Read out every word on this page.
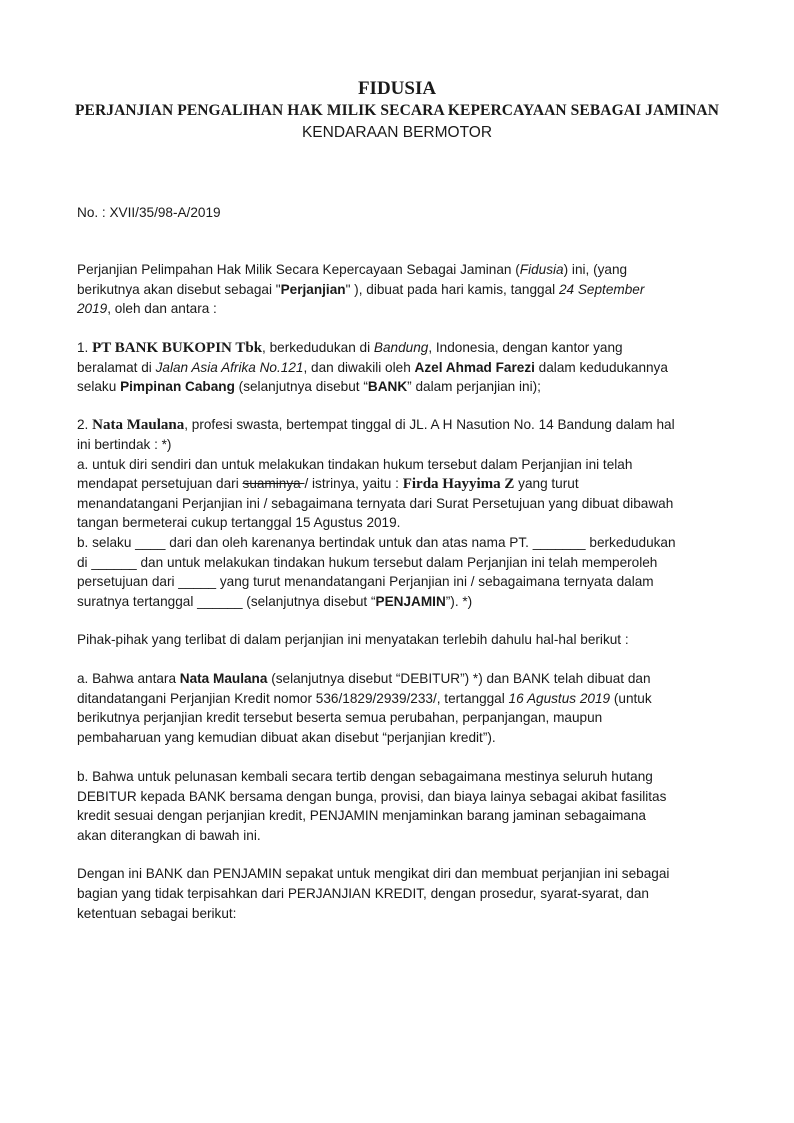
FIDUSIA
PERJANJIAN PENGALIHAN HAK MILIK SECARA KEPERCAYAAN SEBAGAI JAMINAN
KENDARAAN BERMOTOR
No. : XVII/35/98-A/2019
Perjanjian Pelimpahan Hak Milik Secara Kepercayaan Sebagai Jaminan (Fidusia) ini, (yang
berikutnya akan disebut sebagai "Perjanjian" ), dibuat pada hari kamis, tanggal 24 September
2019, oleh dan antara :
1. PT BANK BUKOPIN Tbk, berkedudukan di Bandung, Indonesia, dengan kantor yang
beralamat di Jalan Asia Afrika No.121, dan diwakili oleh Azel Ahmad Farezi dalam kedudukannya
selaku Pimpinan Cabang (selanjutnya disebut “BANK” dalam perjanjian ini);
2. Nata Maulana, profesi swasta, bertempat tinggal di JL. A H Nasution No. 14 Bandung dalam hal
ini bertindak : *)
a. untuk diri sendiri dan untuk melakukan tindakan hukum tersebut dalam Perjanjian ini telah
mendapat persetujuan dari suaminya / istrinya, yaitu : Firda Hayyima Z yang turut
menandatangani Perjanjian ini / sebagaimana ternyata dari Surat Persetujuan yang dibuat dibawah
tangan bermeterai cukup tertanggal 15 Agustus 2019.
b. selaku ____ dari dan oleh karenanya bertindak untuk dan atas nama PT. _______ berkedudukan
di ______ dan untuk melakukan tindakan hukum tersebut dalam Perjanjian ini telah memperoleh
persetujuan dari _____ yang turut menandatangani Perjanjian ini / sebagaimana ternyata dalam
suratnya tertanggal ______ (selanjutnya disebut “PENJAMIN”). *)
Pihak-pihak yang terlibat di dalam perjanjian ini menyatakan terlebih dahulu hal-hal berikut :
a. Bahwa antara Nata Maulana (selanjutnya disebut “DEBITUR”) *) dan BANK telah dibuat dan
ditandatangani Perjanjian Kredit nomor 536/1829/2939/233/, tertanggal 16 Agustus 2019 (untuk
berikutnya perjanjian kredit tersebut beserta semua perubahan, perpanjangan, maupun
pembaharuan yang kemudian dibuat akan disebut “perjanjian kredit”).
b. Bahwa untuk pelunasan kembali secara tertib dengan sebagaimana mestinya seluruh hutang
DEBITUR kepada BANK bersama dengan bunga, provisi, dan biaya lainya sebagai akibat fasilitas
kredit sesuai dengan perjanjian kredit, PENJAMIN menjaminkan barang jaminan sebagaimana
akan diterangkan di bawah ini.
Dengan ini BANK dan PENJAMIN sepakat untuk mengikat diri dan membuat perjanjian ini sebagai
bagian yang tidak terpisahkan dari PERJANJIAN KREDIT, dengan prosedur, syarat-syarat, dan
ketentuan sebagai berikut:
